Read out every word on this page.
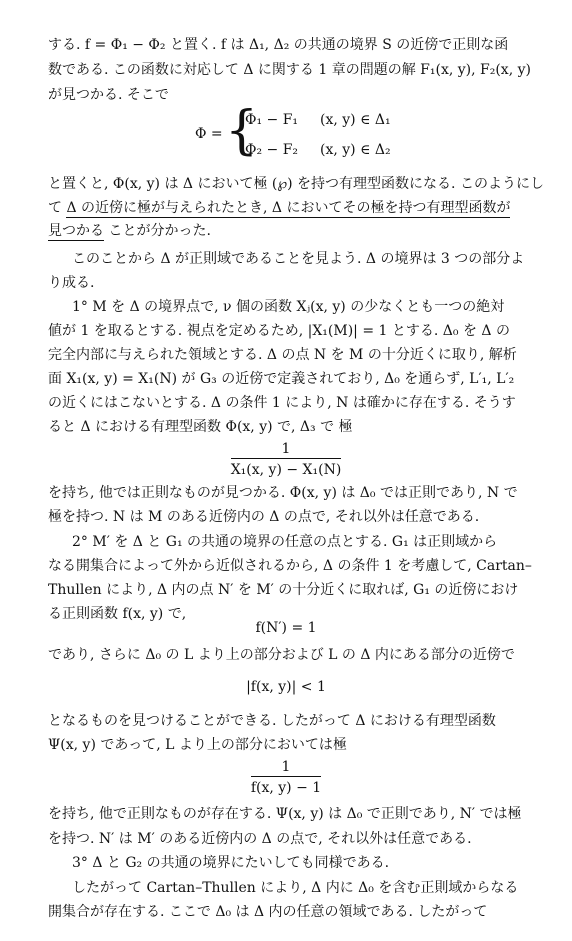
する. f = Φ₁ − Φ₂ と置く. f は Δ₁, Δ₂ の共通の境界 S の近傍で正則な函
数である. この函数に対応して Δ に関する 1 章の問題の解 F₁(x, y), F₂(x, y)
が見つかる. そこで
Φ = {
Φ₁ − F₁ (x, y) ∈ Δ₁
Φ₂ − F₂ (x, y) ∈ Δ₂
と置くと, Φ(x, y) は Δ において極 (℘) を持つ有理型函数になる. このようにし
て Δ の近傍に極が与えられたとき, Δ においてその極を持つ有理型函数が
見つかる ことが分かった.
このことから Δ が正則域であることを見よう. Δ の境界は 3 つの部分よ
り成る.
1° M を Δ の境界点で, ν 個の函数 Xⱼ(x, y) の少なくとも一つの絶対
値が 1 を取るとする. 視点を定めるため, |X₁(M)| = 1 とする. Δ₀ を Δ の
完全内部に与えられた領域とする. Δ の点 N を M の十分近くに取り, 解析
面 X₁(x, y) = X₁(N) が G₃ の近傍で定義されており, Δ₀ を通らず, L′₁, L′₂
の近くにはこないとする. Δ の条件 1 により, N は確かに存在する. そうす
ると Δ における有理型函数 Φ(x, y) で, Δ₃ で 極
$\frac{1}{\text{X₁(x, y) − X₁(N)}}$
を持ち, 他では正則なものが見つかる. Φ(x, y) は Δ₀ では正則であり, N で
極を持つ. N は M のある近傍内の Δ の点で, それ以外は任意である.
2° M′ を Δ と G₁ の共通の境界の任意の点とする. G₁ は正則域から
なる開集合によって外から近似されるから, Δ の条件 1 を考慮して, Cartan–
Thullen により, Δ 内の点 N′ を M′ の十分近くに取れば, G₁ の近傍におけ
る正則函数 f(x, y) で,
f(N′) = 1
であり, さらに Δ₀ の L より上の部分および L の Δ 内にある部分の近傍で
|f(x, y)| < 1
となるものを見つけることができる. したがって Δ における有理型函数
Ψ(x, y) であって, L より上の部分においては極
$\frac{1}{f(x, y) - 1}$
を持ち, 他で正則なものが存在する. Ψ(x, y) は Δ₀ で正則であり, N′ では極
を持つ. N′ は M′ のある近傍内の Δ の点で, それ以外は任意である.
3° Δ と G₂ の共通の境界にたいしても同様である.
したがって Cartan–Thullen により, Δ 内に Δ₀ を含む正則域からなる
開集合が存在する. ここで Δ₀ は Δ 内の任意の領域である. したがって
